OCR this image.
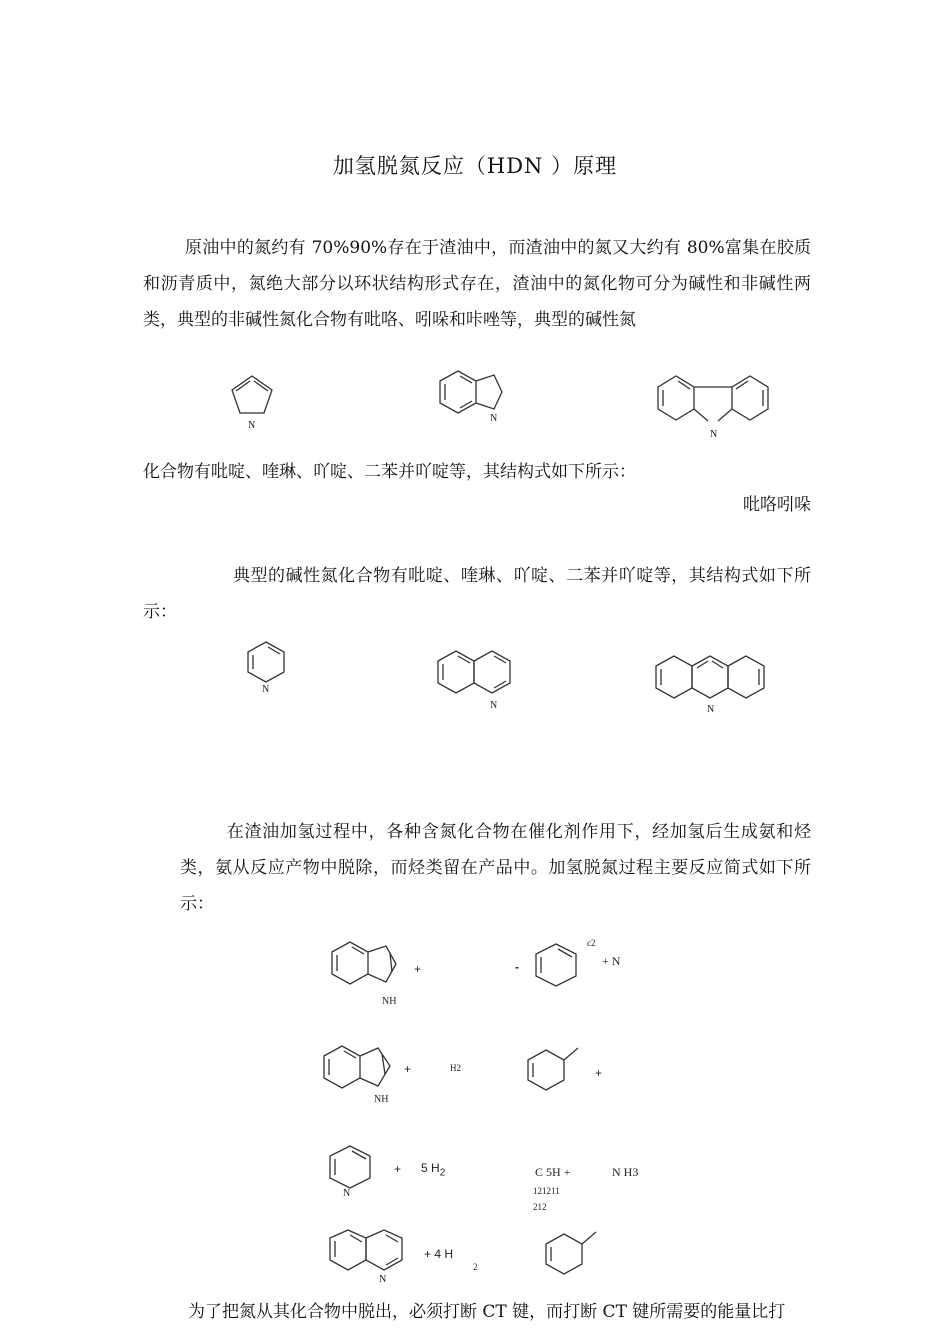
加氢脱氮反应（HDN ）原理
原油中的氮约有 70%90%存在于渣油中，而渣油中的氮又大约有 80%富集在胶质和沥青质中，氮绝大部分以环状结构形式存在，渣油中的氮化物可分为碱性和非碱性两类，典型的非碱性氮化合物有吡咯、吲哚和咔唑等，典型的碱性氮
N
N
N
化合物有吡啶、喹琳、吖啶、二苯并吖啶等，其结构式如下所示：
吡咯吲哚
典型的碱性氮化合物有吡啶、喹琳、吖啶、二苯并吖啶等，其结构式如下所示：
N
N	N
在渣油加氢过程中，各种含氮化合物在催化剂作用下，经加氢后生成氨和烃类，氨从反应产物中脱除，而烃类留在产品中。加氢脱氮过程主要反应简式如下所示：
NH
+	-
c2
+ N
NH
+	H2	+
N
+ 5 $H_2$	C 5H +	N H3
121211
212
N
+ 4 H
2
为了把氮从其化合物中脱出，必须打断 CT 键，而打断 CT 键所需要的能量比打
